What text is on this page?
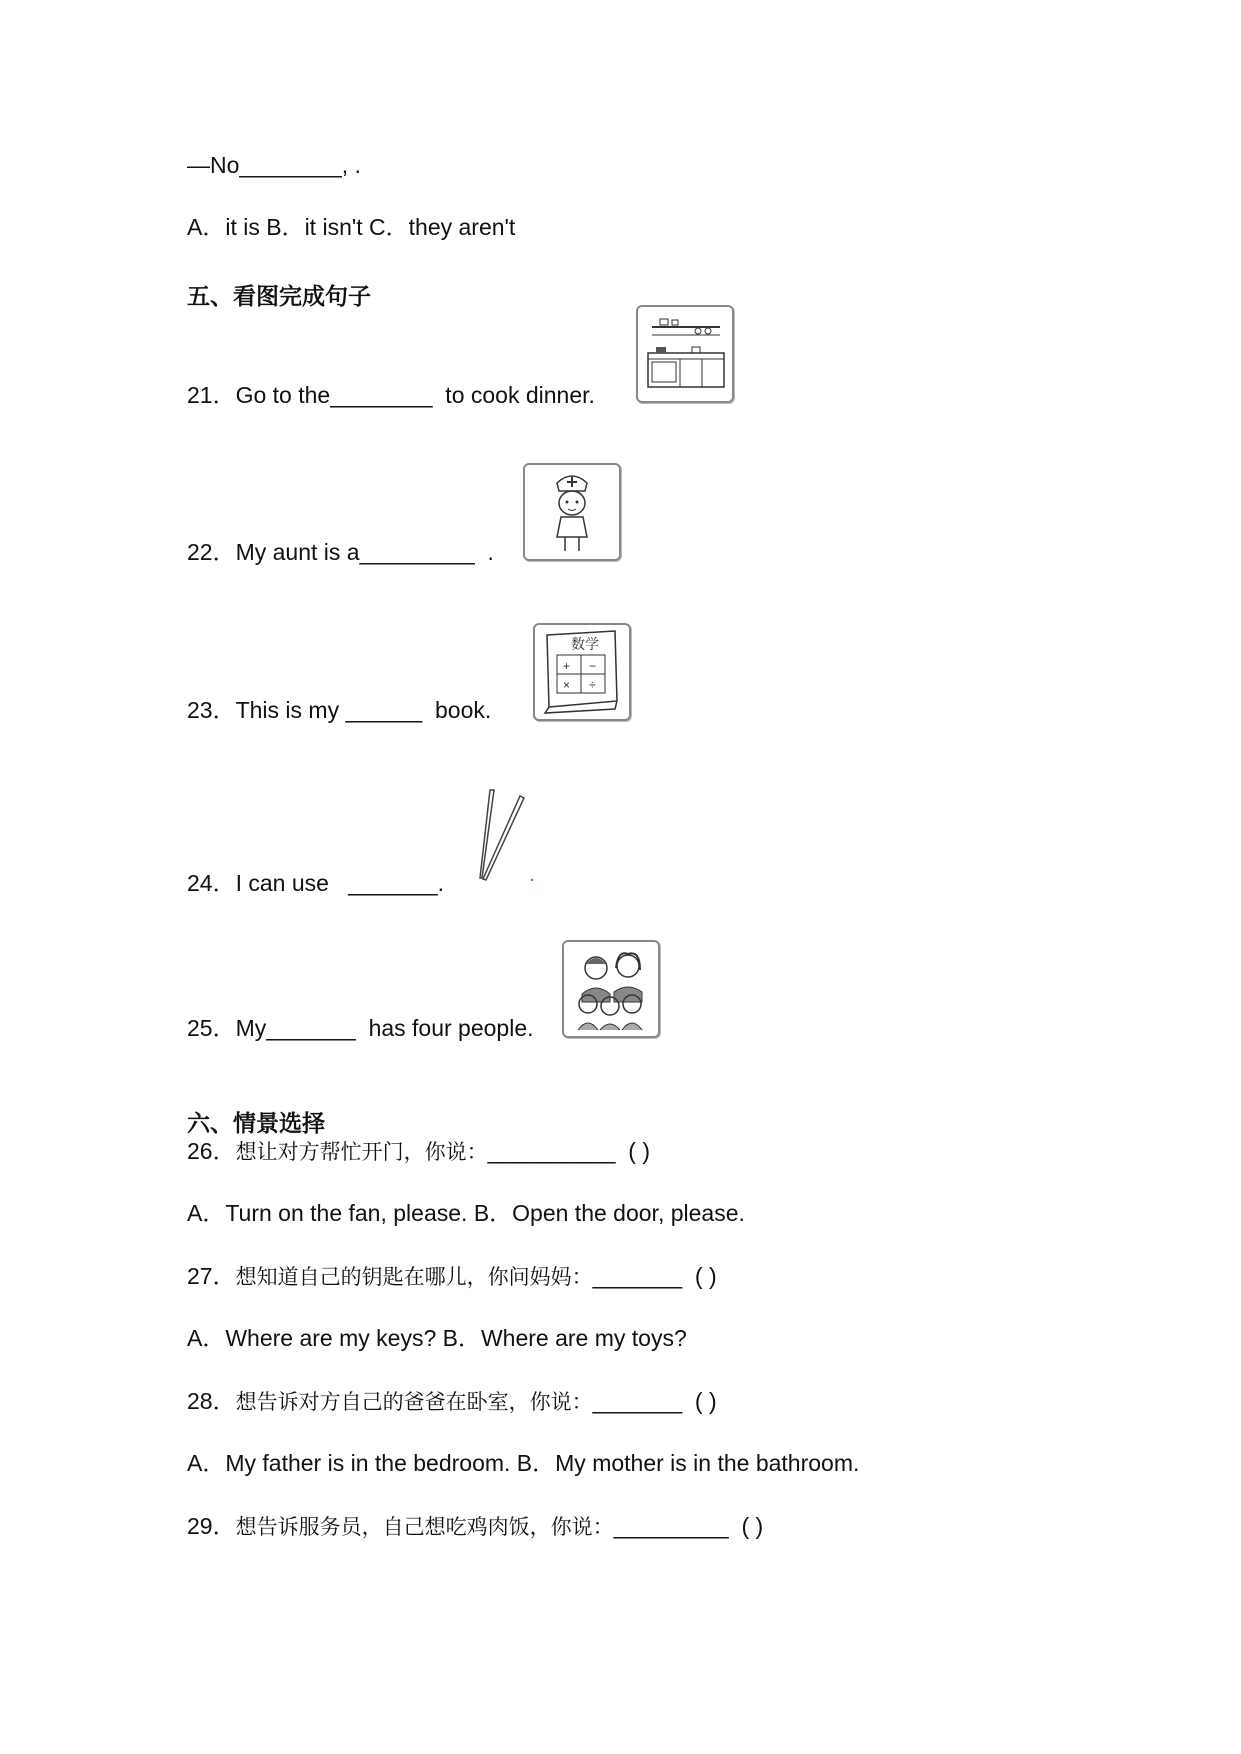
—No________, .
A．it is B．it isn't C．they aren't
五、看图完成句子
21．Go to the________  to cook dinner.
22．My aunt is a_________  .
23．This is my ______  book.
数学
+ −
× ÷
24．I can use   _______.
25．My_______  has four people.
六、情景选择
26．想让对方帮忙开门，你说：__________  ( )
A．Turn on the fan, please. B．Open the door, please.
27．想知道自己的钥匙在哪儿，你问妈妈：_______  ( )
A．Where are my keys? B．Where are my toys?
28．想告诉对方自己的爸爸在卧室，你说：_______  ( )
A．My father is in the bedroom. B．My mother is in the bathroom.
29．想告诉服务员，自己想吃鸡肉饭，你说：_________  ( )
